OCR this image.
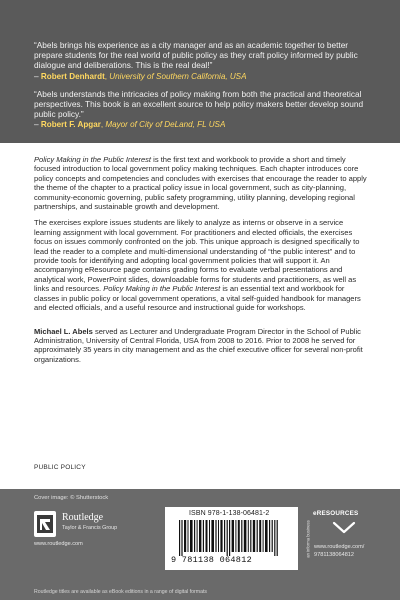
“Abels brings his experience as a city manager and as an academic together to better prepare students for the real world of public policy as they craft policy informed by public dialogue and deliberations. This is the real deal!”
– Robert Denhardt, University of Southern California, USA

“Abels understands the intricacies of policy making from both the practical and theoretical perspectives. This book is an excellent source to help policy makers better develop sound public policy.”
– Robert F. Apgar, Mayor of City of DeLand, FL USA

Policy Making in the Public Interest is the first text and workbook to provide a short and timely focused introduction to local government policy making techniques. Each chapter introduces core policy concepts and competencies and concludes with exercises that encourage the reader to apply the theme of the chapter to a practical policy issue in local government, such as city-planning, community-economic governing, public safety programming, utility planning, developing regional partnerships, and sustainable growth and development.

The exercises explore issues students are likely to analyze as interns or observe in a service learning assignment with local government. For practitioners and elected officials, the exercises focus on issues commonly confronted on the job. This unique approach is designed specifically to lead the reader to a complete and multi-dimensional understanding of “the public interest” and to provide tools for identifying and adopting local government policies that will support it. An accompanying eResource page contains grading forms to evaluate verbal presentations and analytical work, PowerPoint slides, downloadable forms for students and practitioners, as well as links and resources. Policy Making in the Public Interest is an essential text and workbook for classes in public policy or local government operations, a vital self-guided handbook for managers and elected officials, and a useful resource and instructional guide for workshops.

Michael L. Abels served as Lecturer and Undergraduate Program Director in the School of Public Administration, University of Central Florida, USA from 2008 to 2016. Prior to 2008 he served for approximately 35 years in city management and as the chief executive officer for several non-profit organizations.

PUBLIC POLICY
Cover image: © Shutterstock
Routledge
Taylor & Francis Group
www.routledge.com
ISBN 978-1-138-06481-2
9 781138 064812
an informa business
eRESOURCES
www.routledge.com/
9781138064812
Routledge titles are available as eBook editions in a range of digital formats
